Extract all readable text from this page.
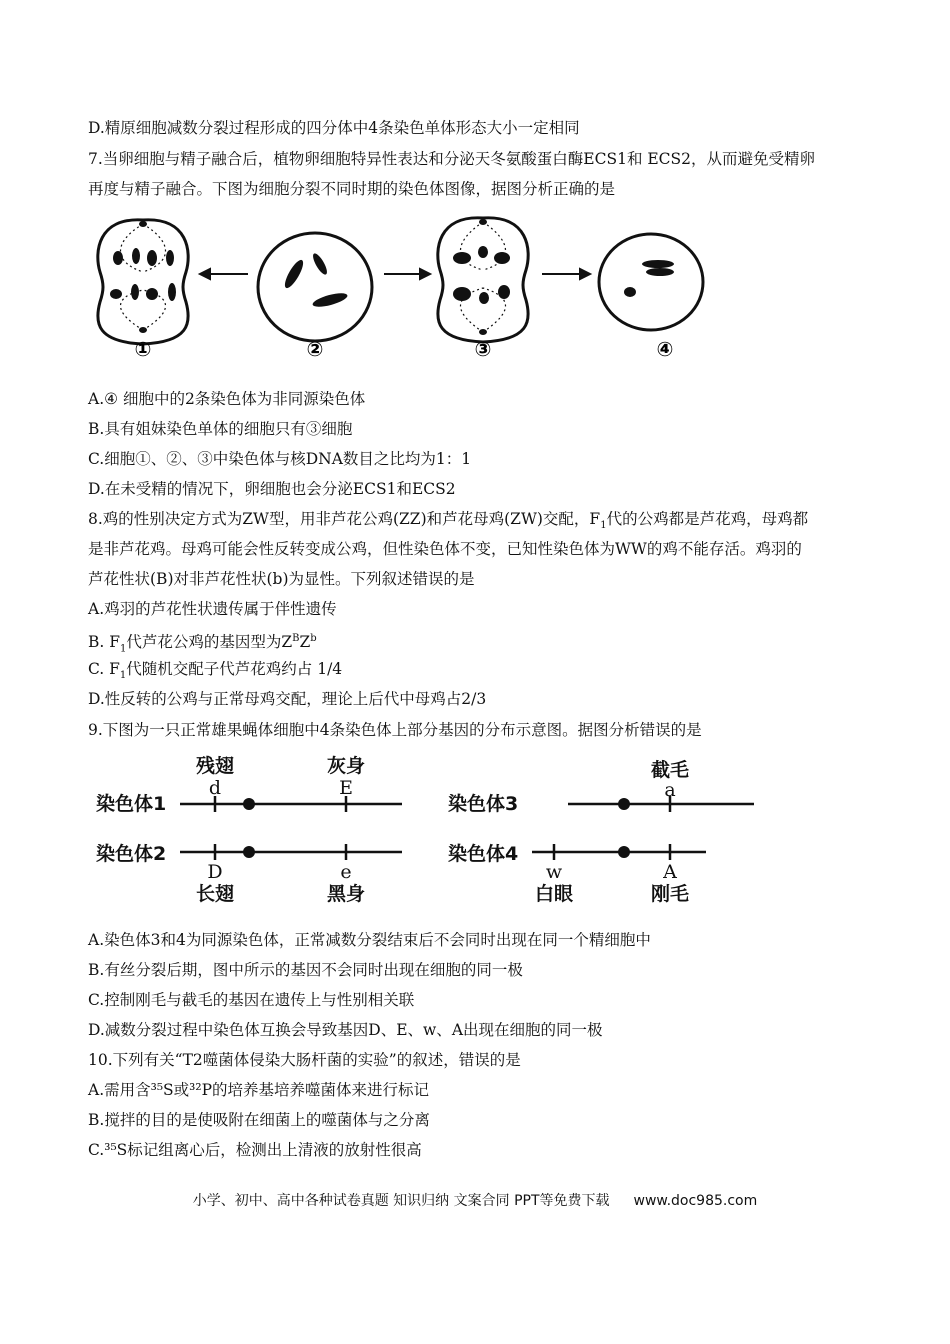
D.精原细胞减数分裂过程形成的四分体中4条染色单体形态大小一定相同
7.当卵细胞与精子融合后，植物卵细胞特异性表达和分泌天冬氨酸蛋白酶ECS1和 ECS2，从而避免受精卵
再度与精子融合。下图为细胞分裂不同时期的染色体图像，据图分析正确的是
①	②	③	④
A.④ 细胞中的2条染色体为非同源染色体
B.具有姐妹染色单体的细胞只有③细胞
C.细胞①、②、③中染色体与核DNA数目之比均为1：1
D.在未受精的情况下，卵细胞也会分泌ECS1和ECS2
8.鸡的性别决定方式为ZW型，用非芦花公鸡(ZZ)和芦花母鸡(ZW)交配，$F_1$代的公鸡都是芦花鸡，母鸡都
是非芦花鸡。母鸡可能会性反转变成公鸡，但性染色体不变，已知性染色体为WW的鸡不能存活。鸡羽的
芦花性状(B)对非芦花性状(b)为显性。下列叙述错误的是
A.鸡羽的芦花性状遗传属于伴性遗传
B. $F_1$代芦花公鸡的基因型为$Z^BZ^b$
C. $F_1$代随机交配子代芦花鸡约占 1/4
D.性反转的公鸡与正常母鸡交配，理论上后代中母鸡占2/3
9.下图为一只正常雄果蝇体细胞中4条染色体上部分基因的分布示意图。据图分析错误的是
染色体1
染色体2
染色体3
染色体4
残翅	灰身	截毛
长翅	黑身	白眼	刚毛
d	E	a
D	e	w	A
A.染色体3和4为同源染色体，正常减数分裂结束后不会同时出现在同一个精细胞中
B.有丝分裂后期，图中所示的基因不会同时出现在细胞的同一极
C.控制刚毛与截毛的基因在遗传上与性别相关联
D.减数分裂过程中染色体互换会导致基因D、E、w、A出现在细胞的同一极
10.下列有关“T2噬菌体侵染大肠杆菌的实验”的叙述，错误的是
A.需用含³⁵S或³²P的培养基培养噬菌体来进行标记
B.搅拌的目的是使吸附在细菌上的噬菌体与之分离
C.³⁵S标记组离心后，检测出上清液的放射性很高
小学、初中、高中各种试卷真题 知识归纳 文案合同 PPT等免费下载 www.doc985.com
